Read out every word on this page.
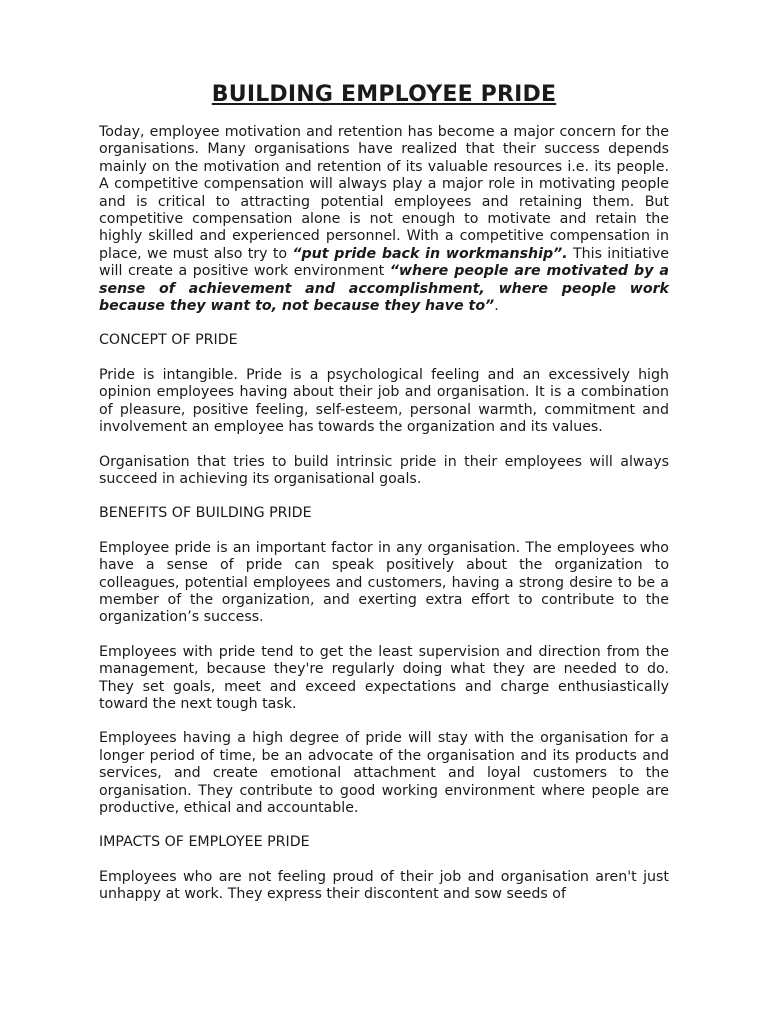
BUILDING EMPLOYEE PRIDE

Today, employee motivation and retention has become a major concern for the organisations. Many organisations have realized that their success depends mainly on the motivation and retention of its valuable resources i.e. its people. A competitive compensation will always play a major role in motivating people and is critical to attracting potential employees and retaining them. But competitive compensation alone is not enough to motivate and retain the highly skilled and experienced personnel. With a competitive compensation in place, we must also try to “put pride back in workmanship”. This initiative will create a positive work environment “where people are motivated by a sense of achievement and accomplishment, where people work because they want to, not because they have to”.

CONCEPT OF PRIDE

Pride is intangible. Pride is a psychological feeling and an excessively high opinion employees having about their job and organisation. It is a combination of pleasure, positive feeling, self-esteem, personal warmth, commitment and involvement an employee has towards the organization and its values.

Organisation that tries to build intrinsic pride in their employees will always succeed in achieving its organisational goals.

BENEFITS OF BUILDING PRIDE

Employee pride is an important factor in any organisation. The employees who have a sense of pride can speak positively about the organization to colleagues, potential employees and customers, having a strong desire to be a member of the organization, and exerting extra effort to contribute to the organization’s success.

Employees with pride tend to get the least supervision and direction from the management, because they're regularly doing what they are needed to do. They set goals, meet and exceed expectations and charge enthusiastically toward the next tough task.

Employees having a high degree of pride will stay with the organisation for a longer period of time, be an advocate of the organisation and its products and services, and create emotional attachment and loyal customers to the organisation. They contribute to good working environment where people are productive, ethical and accountable.

IMPACTS OF EMPLOYEE PRIDE

Employees who are not feeling proud of their job and organisation aren't just unhappy at work. They express their discontent and sow seeds of
